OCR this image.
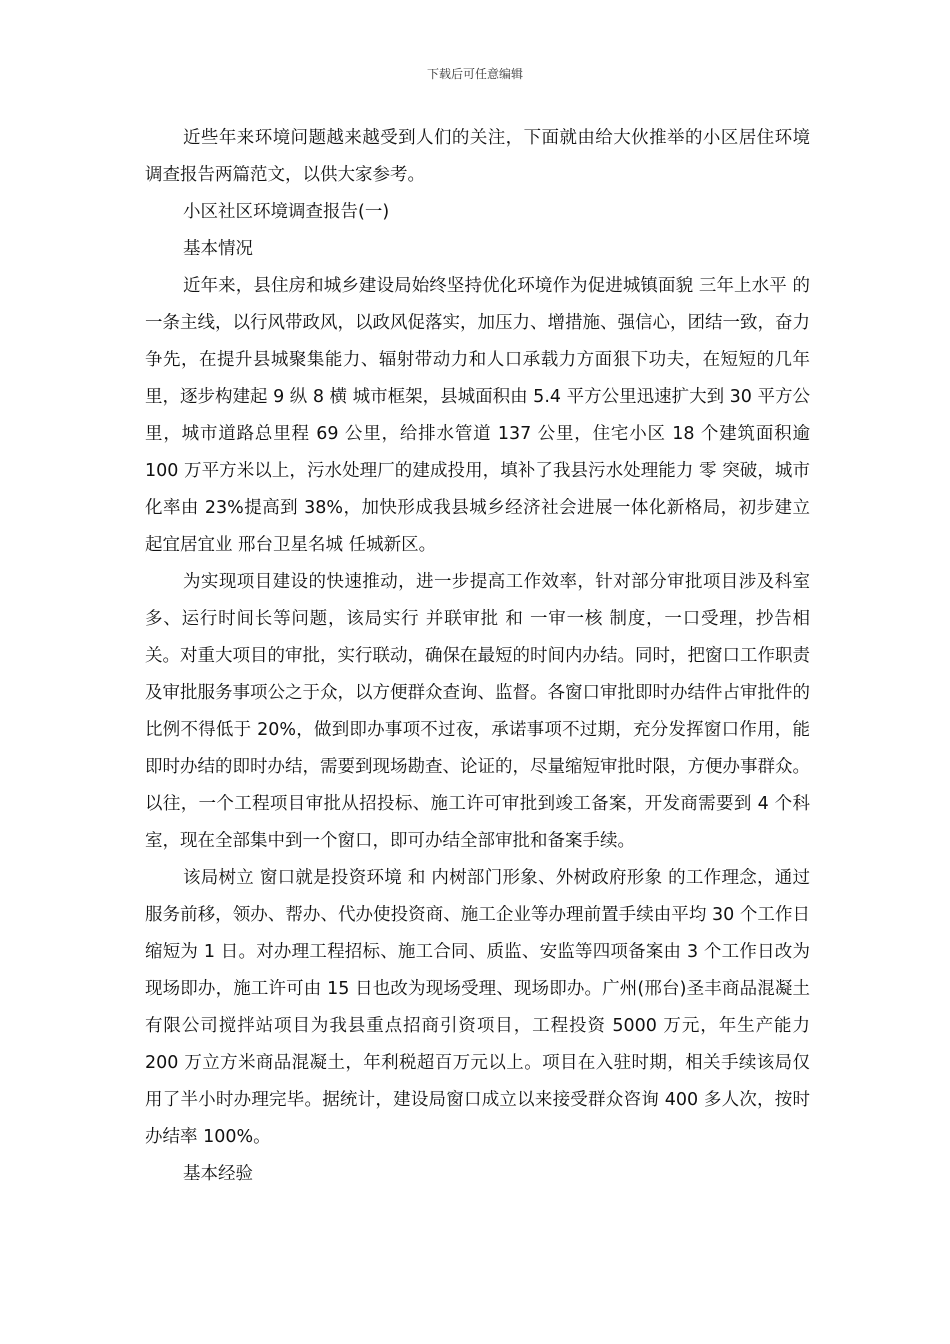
下载后可任意编辑

近些年来环境问题越来越受到人们的关注，下面就由给大伙推举的小区居住环境调查报告两篇范文，以供大家参考。

小区社区环境调查报告(一)

基本情况

近年来，县住房和城乡建设局始终坚持优化环境作为促进城镇面貌 三年上水平 的一条主线，以行风带政风，以政风促落实，加压力、增措施、强信心，团结一致，奋力争先，在提升县城聚集能力、辐射带动力和人口承载力方面狠下功夫，在短短的几年里，逐步构建起 9 纵 8 横 城市框架，县城面积由 5.4 平方公里迅速扩大到 30 平方公里，城市道路总里程 69 公里，给排水管道 137 公里，住宅小区 18 个建筑面积逾 100 万平方米以上，污水处理厂的建成投用，填补了我县污水处理能力 零 突破，城市化率由 23%提高到 38%，加快形成我县城乡经济社会进展一体化新格局，初步建立起宜居宜业 邢台卫星名城 任城新区。

为实现项目建设的快速推动，进一步提高工作效率，针对部分审批项目涉及科室多、运行时间长等问题，该局实行 并联审批 和 一审一核 制度，一口受理，抄告相关。对重大项目的审批，实行联动，确保在最短的时间内办结。同时，把窗口工作职责及审批服务事项公之于众，以方便群众查询、监督。各窗口审批即时办结件占审批件的比例不得低于 20%，做到即办事项不过夜，承诺事项不过期，充分发挥窗口作用，能即时办结的即时办结，需要到现场勘查、论证的，尽量缩短审批时限，方便办事群众。以往，一个工程项目审批从招投标、施工许可审批到竣工备案，开发商需要到 4 个科室，现在全部集中到一个窗口，即可办结全部审批和备案手续。

该局树立 窗口就是投资环境 和 内树部门形象、外树政府形象 的工作理念，通过服务前移，领办、帮办、代办使投资商、施工企业等办理前置手续由平均 30 个工作日缩短为 1 日。对办理工程招标、施工合同、质监、安监等四项备案由 3 个工作日改为现场即办，施工许可由 15 日也改为现场受理、现场即办。广州(邢台)圣丰商品混凝土有限公司搅拌站项目为我县重点招商引资项目，工程投资 5000 万元，年生产能力 200 万立方米商品混凝土，年利税超百万元以上。项目在入驻时期，相关手续该局仅用了半小时办理完毕。据统计，建设局窗口成立以来接受群众咨询 400 多人次，按时办结率 100%。

基本经验
